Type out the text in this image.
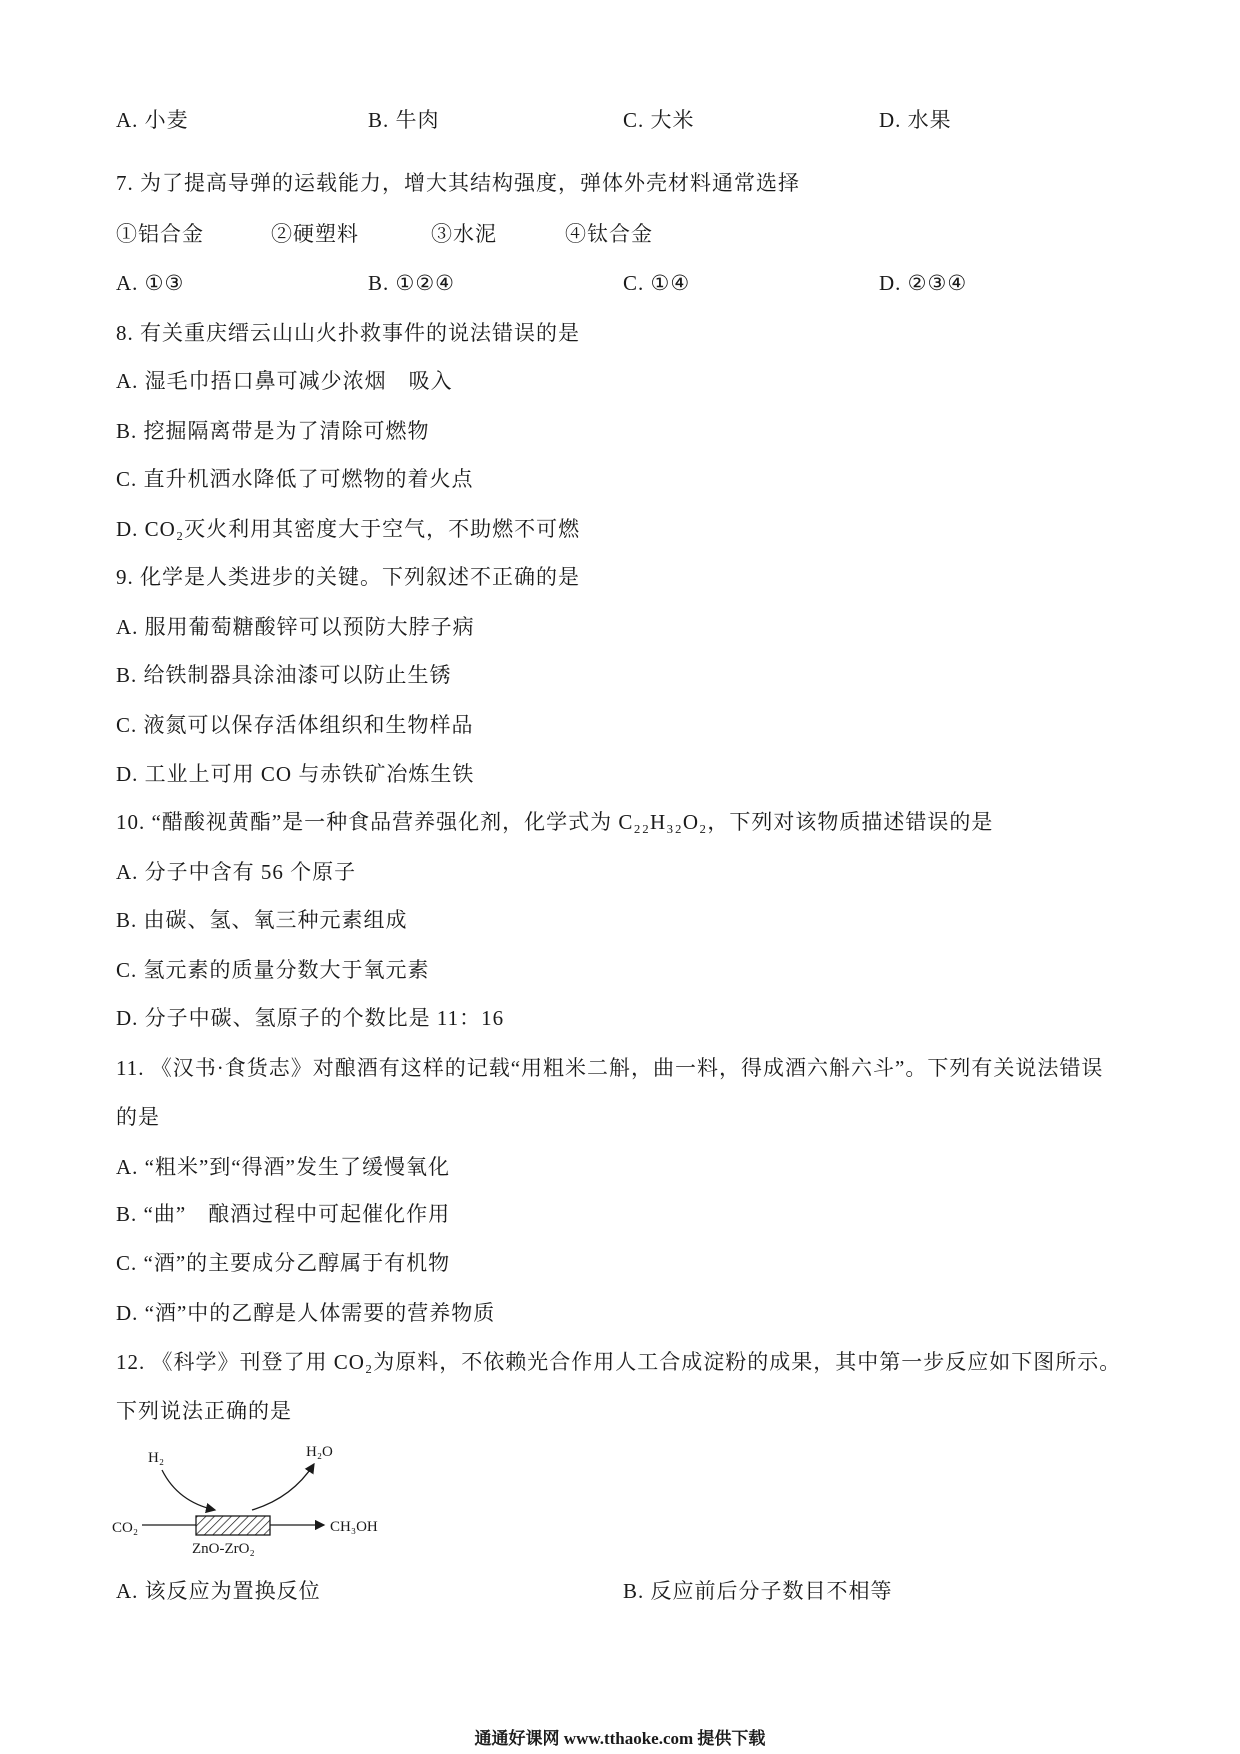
A. 小麦	B. 牛肉	C. 大米	D. 水果
7. 为了提高导弹的运载能力，增大其结构强度，弹体外壳材料通常选择
①铝合金	②硬塑料	③水泥	④钛合金
A. ①③	B. ①②④	C. ①④	D. ②③④
8. 有关重庆缙云山山火扑救事件的说法错误的是
A. 湿毛巾捂口鼻可减少浓烟　吸入
B. 挖掘隔离带是为了清除可燃物
C. 直升机洒水降低了可燃物的着火点
D. CO₂灭火利用其密度大于空气，不助燃不可燃
9. 化学是人类进步的关键。下列叙述不正确的是
A. 服用葡萄糖酸锌可以预防大脖子病
B. 给铁制器具涂油漆可以防止生锈
C. 液氮可以保存活体组织和生物样品
D. 工业上可用 CO 与赤铁矿冶炼生铁
10. “醋酸视黄酯”是一种食品营养强化剂，化学式为 C₂₂H₃₂O₂，下列对该物质描述错误的是
A. 分子中含有 56 个原子
B. 由碳、氢、氧三种元素组成
C. 氢元素的质量分数大于氧元素
D. 分子中碳、氢原子的个数比是 11：16
11. 《汉书·食货志》对酿酒有这样的记载“用粗米二斛，曲一料，得成酒六斛六斗”。下列有关说法错误
的是
A. “粗米”到“得酒”发生了缓慢氧化
B. “曲”　酿酒过程中可起催化作用
C. “酒”的主要成分乙醇属于有机物
D. “酒”中的乙醇是人体需要的营养物质
12. 《科学》刊登了用 CO₂为原料，不依赖光合作用人工合成淀粉的成果，其中第一步反应如下图所示。
下列说法正确的是
H₂	H₂O
CO₂	CH₃OH
ZnO-ZrO₂
A. 该反应为置换反位	B. 反应前后分子数目不相等
通通好课网 www.tthaoke.com 提供下载
